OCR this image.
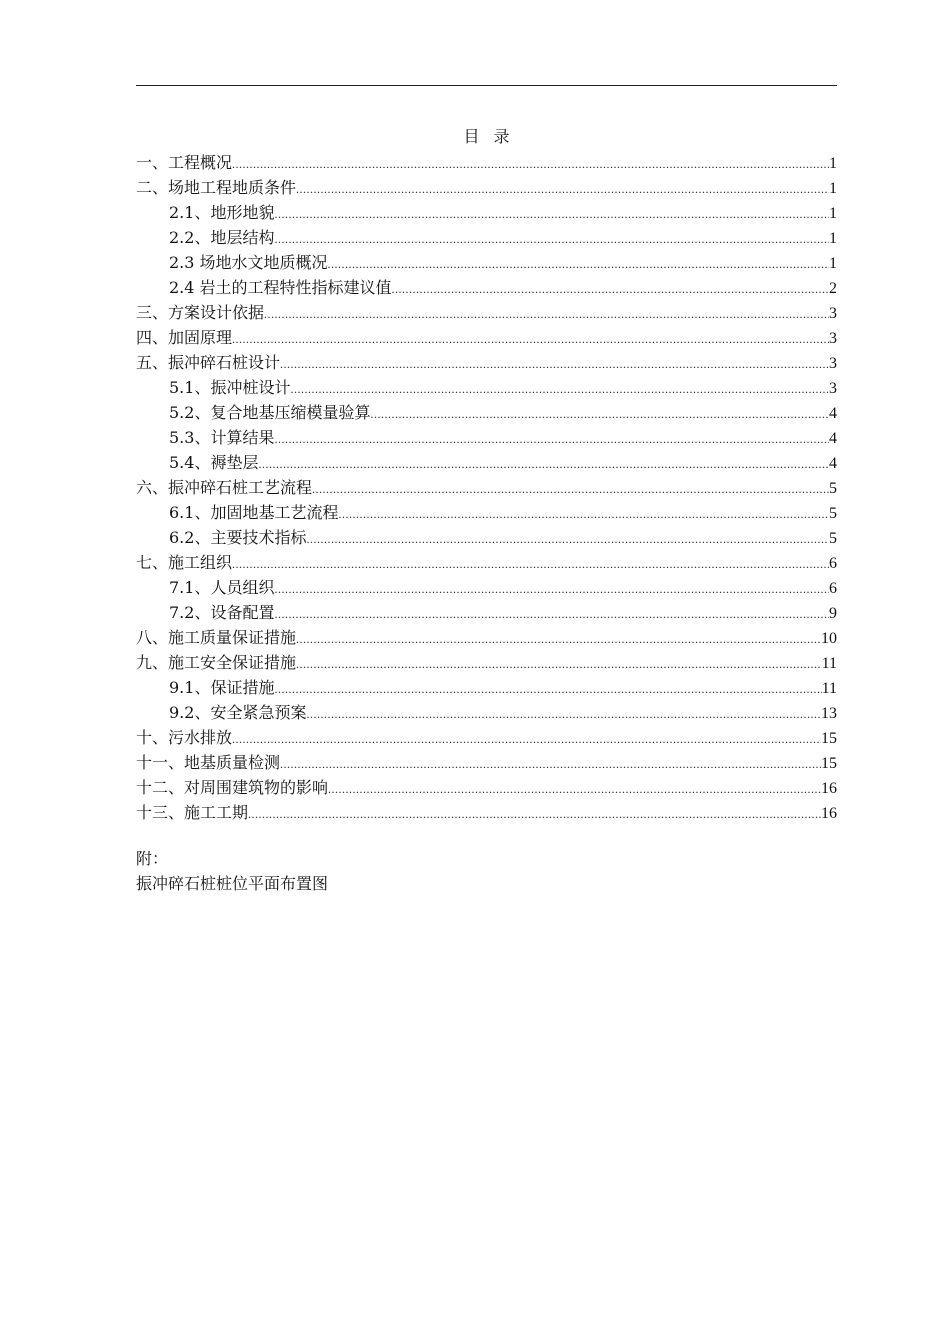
目 录
一、工程概况 .....	1
二、场地工程地质条件 .....	1
2.1、地形地貌 .....	1
2.2、地层结构 .....	1
2.3 场地水文地质概况 .....	1
2.4 岩土的工程特性指标建议值 .....	2
三、方案设计依据 .....	3
四、加固原理 .....	3
五、振冲碎石桩设计 .....	3
5.1、振冲桩设计 .....	3
5.2、复合地基压缩模量验算 .....	4
5.3、计算结果 .....	4
5.4、褥垫层 .....	4
六、振冲碎石桩工艺流程 .....	5
6.1、加固地基工艺流程 .....	5
6.2、主要技术指标 .....	5
七、施工组织 .....	6
7.1、人员组织 .....	6
7.2、设备配置 .....	9
八、施工质量保证措施 .....	10
九、施工安全保证措施 .....	11
9.1、保证措施 .....	11
9.2、安全紧急预案 .....	13
十、污水排放 .....	15
十一、地基质量检测 .....	15
十二、对周围建筑物的影响 .....	16
十三、施工工期 .....	16
附：
振冲碎石桩桩位平面布置图
